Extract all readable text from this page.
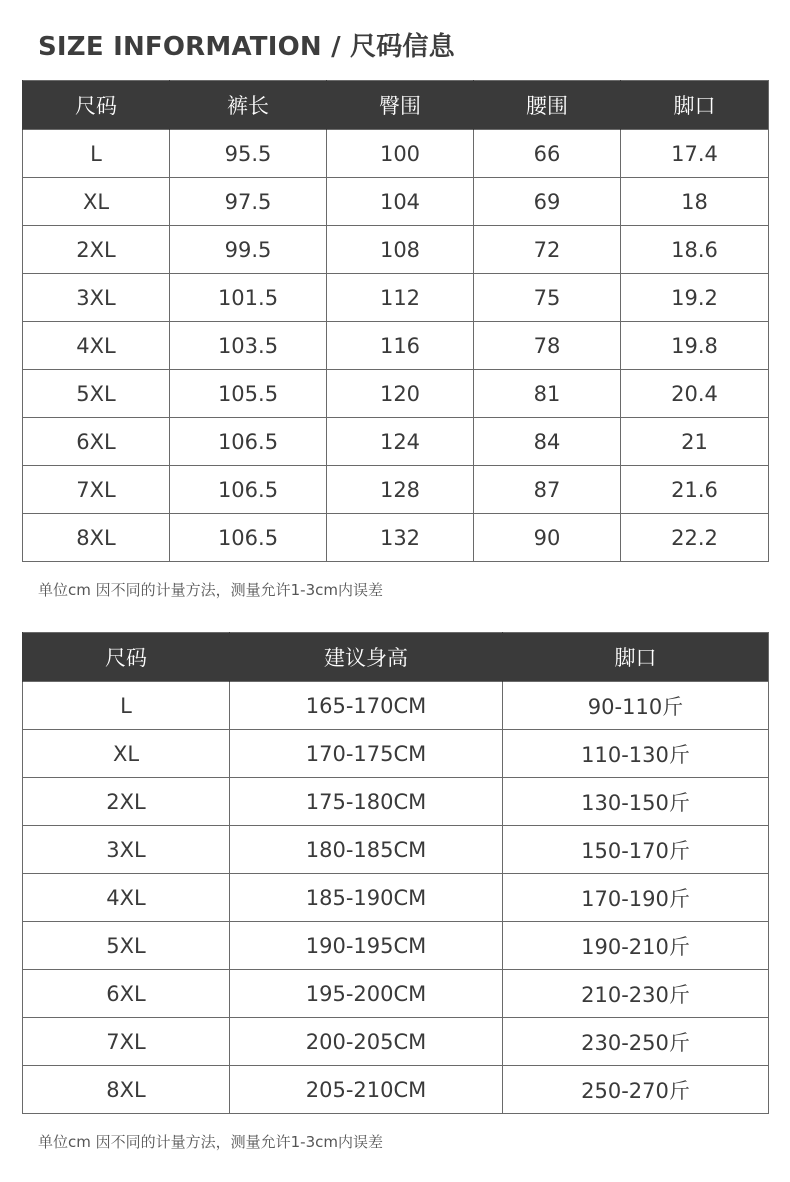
SIZE INFORMATION / 尺码信息
尺码	裤长	臀围	腰围	脚口
L	95.5	100	66	17.4
XL	97.5	104	69	18
2XL	99.5	108	72	18.6
3XL	101.5	112	75	19.2
4XL	103.5	116	78	19.8
5XL	105.5	120	81	20.4
6XL	106.5	124	84	21
7XL	106.5	128	87	21.6
8XL	106.5	132	90	22.2
单位cm 因不同的计量方法，测量允许1-3cm内误差
尺码	建议身高	脚口
L	165-170CM	90-110斤
XL	170-175CM	110-130斤
2XL	175-180CM	130-150斤
3XL	180-185CM	150-170斤
4XL	185-190CM	170-190斤
5XL	190-195CM	190-210斤
6XL	195-200CM	210-230斤
7XL	200-205CM	230-250斤
8XL	205-210CM	250-270斤
单位cm 因不同的计量方法，测量允许1-3cm内误差
